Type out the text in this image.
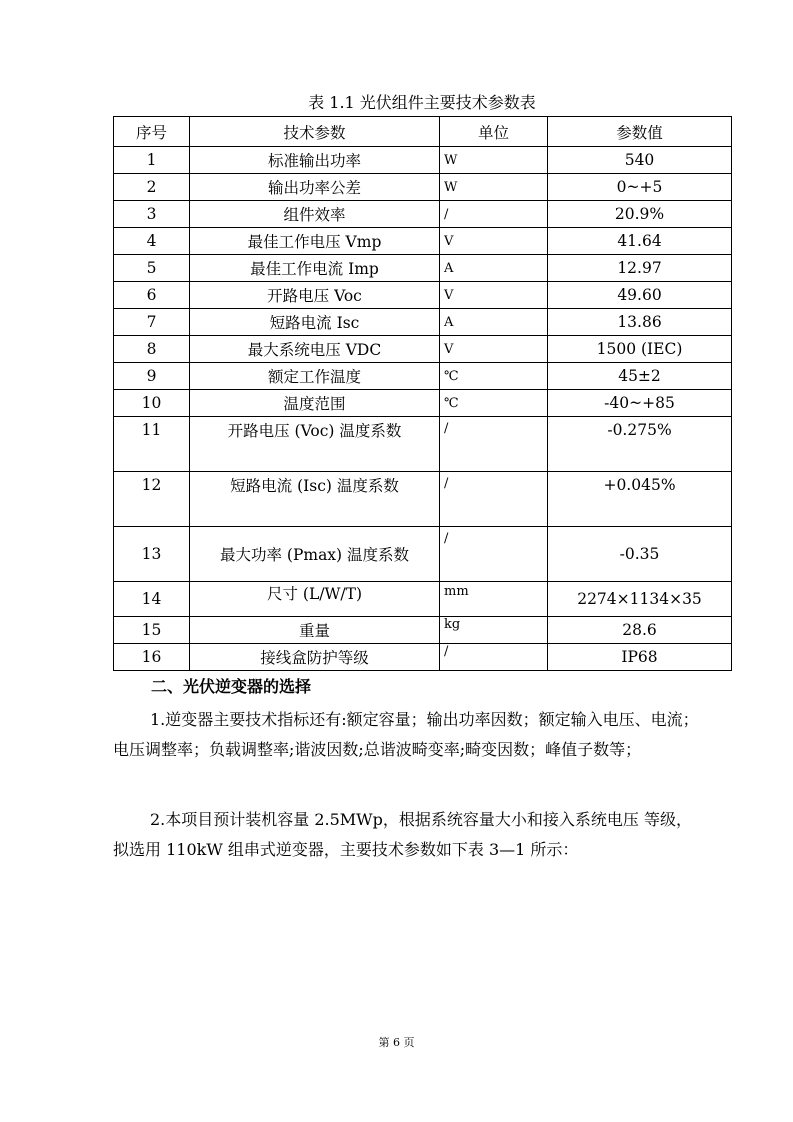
表 1.1 光伏组件主要技术参数表
序号	技术参数	单位	参数值
1	标准输出功率	W	540
2	输出功率公差	W	0~+5
3	组件效率	/	20.9%
4	最佳工作电压 Vmp	V	41.64
5	最佳工作电流 Imp	A	12.97
6	开路电压 Voc	V	49.60
7	短路电流 Isc	A	13.86
8	最大系统电压 VDC	V	1500 (IEC)
9	额定工作温度	℃	45±2
10	温度范围	℃	-40~+85
11	开路电压 (Voc) 温度系数	/	-0.275%
12	短路电流 (Isc) 温度系数	/	+0.045%
13	最大功率 (Pmax) 温度系数	/	-0.35
14	尺寸 (L/W/T)	mm	2274×1134×35
15	重量	kg	28.6
16	接线盒防护等级	/	IP68
二、光伏逆变器的选择

1.逆变器主要技术指标还有:额定容量；输出功率因数；额定输入电压、电流；电压调整率；负载调整率;谐波因数;总谐波畸变率;畸变因数；峰值子数等；

2.本项目预计装机容量 2.5MWp，根据系统容量大小和接入系统电压 等级，拟选用 110kW 组串式逆变器，主要技术参数如下表 3—1 所示：

第 6 页
